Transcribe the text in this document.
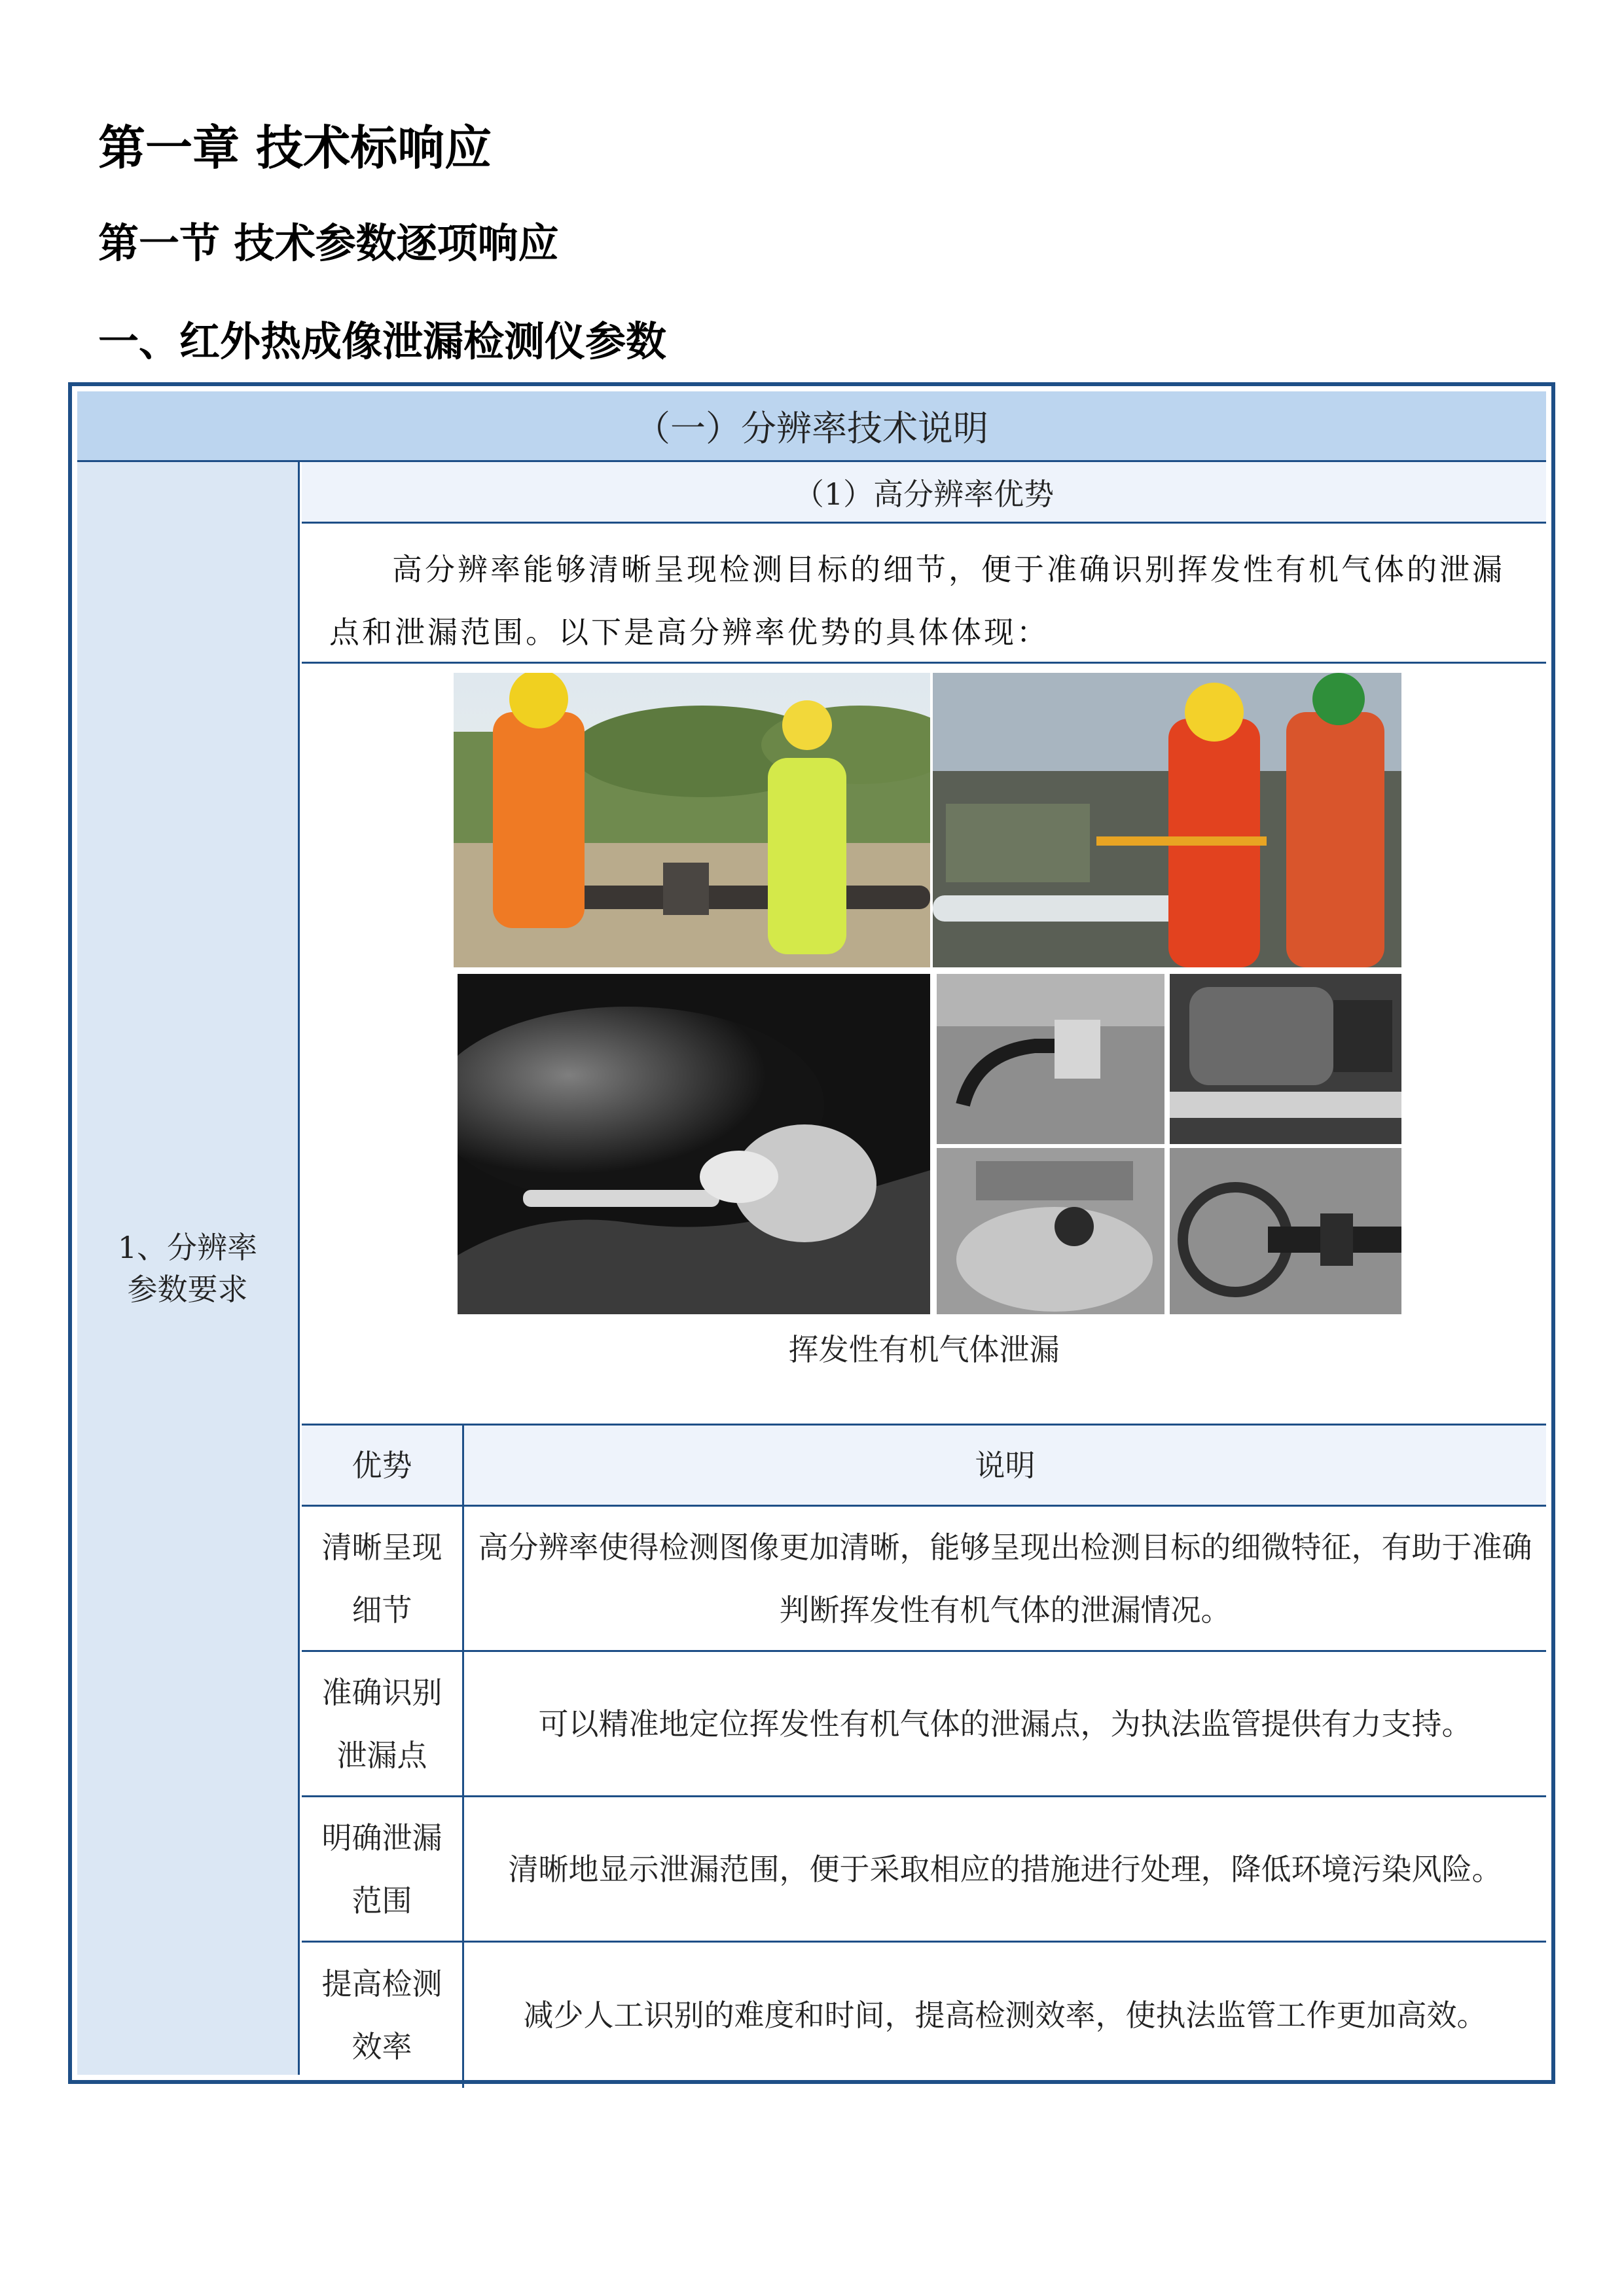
第一章 技术标响应
第一节 技术参数逐项响应
一、红外热成像泄漏检测仪参数
（一）分辨率技术说明
1、分辨率
参数要求
（1）高分辨率优势
高分辨率能够清晰呈现检测目标的细节，便于准确识别挥发性有机气体的泄漏点和泄漏范围。以下是高分辨率优势的具体体现：
挥发性有机气体泄漏
优势	说明
清晰呈现细节
高分辨率使得检测图像更加清晰，能够呈现出检测目标的细微特征，有助于准确判断挥发性有机气体的泄漏情况。
准确识别泄漏点
可以精准地定位挥发性有机气体的泄漏点，为执法监管提供有力支持。
明确泄漏范围
清晰地显示泄漏范围，便于采取相应的措施进行处理，降低环境污染风险。
提高检测效率
减少人工识别的难度和时间，提高检测效率，使执法监管工作更加高效。
